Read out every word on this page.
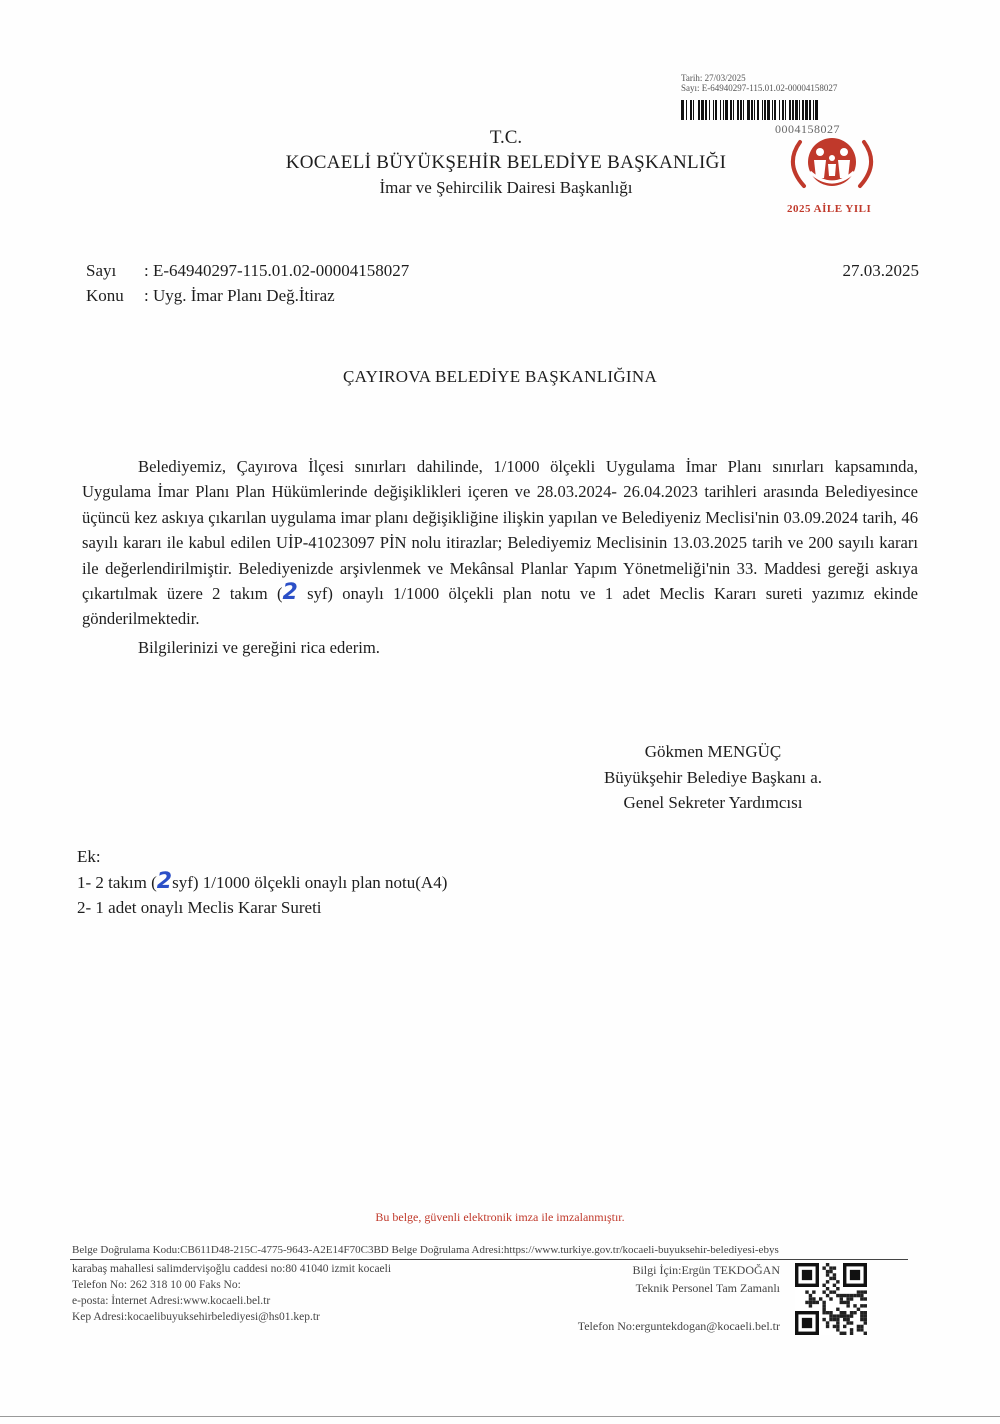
Tarih: 27/03/2025
Sayı: E-64940297-115.01.02-00004158027
0004158027
2025 AİLE YILI
T.C.
KOCAELİ BÜYÜKŞEHİR BELEDİYE BAŞKANLIĞI
İmar ve Şehircilik Dairesi Başkanlığı
Sayı : E-64940297-115.01.02-00004158027
Konu : Uyg. İmar Planı Değ.İtiraz
27.03.2025
ÇAYIROVA BELEDİYE BAŞKANLIĞINA

Belediyemiz, Çayırova İlçesi sınırları dahilinde, 1/1000 ölçekli Uygulama İmar Planı sınırları kapsamında, Uygulama İmar Planı Plan Hükümlerinde değişiklikleri içeren ve 28.03.2024- 26.04.2023 tarihleri arasında Belediyesince üçüncü kez askıya çıkarılan uygulama imar planı değişikliğine ilişkin yapılan ve Belediyeniz Meclisi'nin 03.09.2024 tarih, 46 sayılı kararı ile kabul edilen UİP-41023097 PİN nolu itirazlar; Belediyemiz Meclisinin 13.03.2025 tarih ve 200 sayılı kararı ile değerlendirilmiştir. Belediyenizde arşivlenmek ve Mekânsal Planlar Yapım Yönetmeliği'nin 33. Maddesi gereği askıya çıkartılmak üzere 2 takım (2 syf) onaylı 1/1000 ölçekli plan notu ve 1 adet Meclis Kararı sureti yazımız ekinde gönderilmektedir.

Bilgilerinizi ve gereğini rica ederim.

Gökmen MENGÜÇ
Büyükşehir Belediye Başkanı a.
Genel Sekreter Yardımcısı
Ek:
1- 2 takım (2syf) 1/1000 ölçekli onaylı plan notu(A4)
2- 1 adet onaylı Meclis Karar Sureti
Bu belge, güvenli elektronik imza ile imzalanmıştır.
Belge Doğrulama Kodu:CB611D48-215C-4775-9643-A2E14F70C3BD Belge Doğrulama Adresi:https://www.turkiye.gov.tr/kocaeli-buyuksehir-belediyesi-ebys
karabaş mahallesi salimdervişoğlu caddesi no:80 41040 izmit kocaeli
Telefon No: 262 318 10 00 Faks No:
e-posta: İnternet Adresi:www.kocaeli.bel.tr
Kep Adresi:kocaelibuyuksehirbelediyesi@hs01.kep.tr
Bilgi İçin:Ergün TEKDOĞAN
Teknik Personel Tam Zamanlı
Telefon No:erguntekdogan@kocaeli.bel.tr
